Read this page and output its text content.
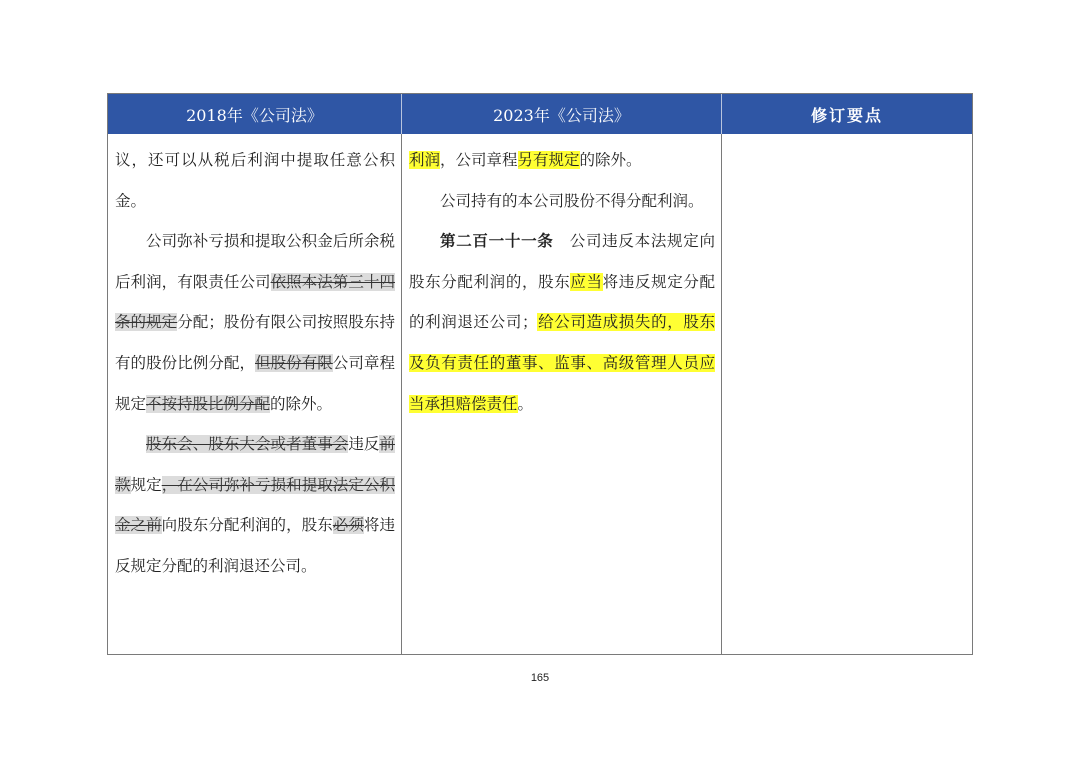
2018年《公司法》	2023年《公司法》	修订要点

议，还可以从税后利润中提取任意公积金。

公司弥补亏损和提取公积金后所余税后利润，有限责任公司依照本法第三十四条的规定分配；股份有限公司按照股东持有的股份比例分配，但股份有限公司章程规定不按持股比例分配的除外。

股东会、股东大会或者董事会违反前款规定，在公司弥补亏损和提取法定公积金之前向股东分配利润的，股东必须将违反规定分配的利润退还公司。

利润，公司章程另有规定的除外。

公司持有的本公司股份不得分配利润。

第二百一十一条　公司违反本法规定向股东分配利润的，股东应当将违反规定分配的利润退还公司；给公司造成损失的，股东及负有责任的董事、监事、高级管理人员应当承担赔偿责任。

165
